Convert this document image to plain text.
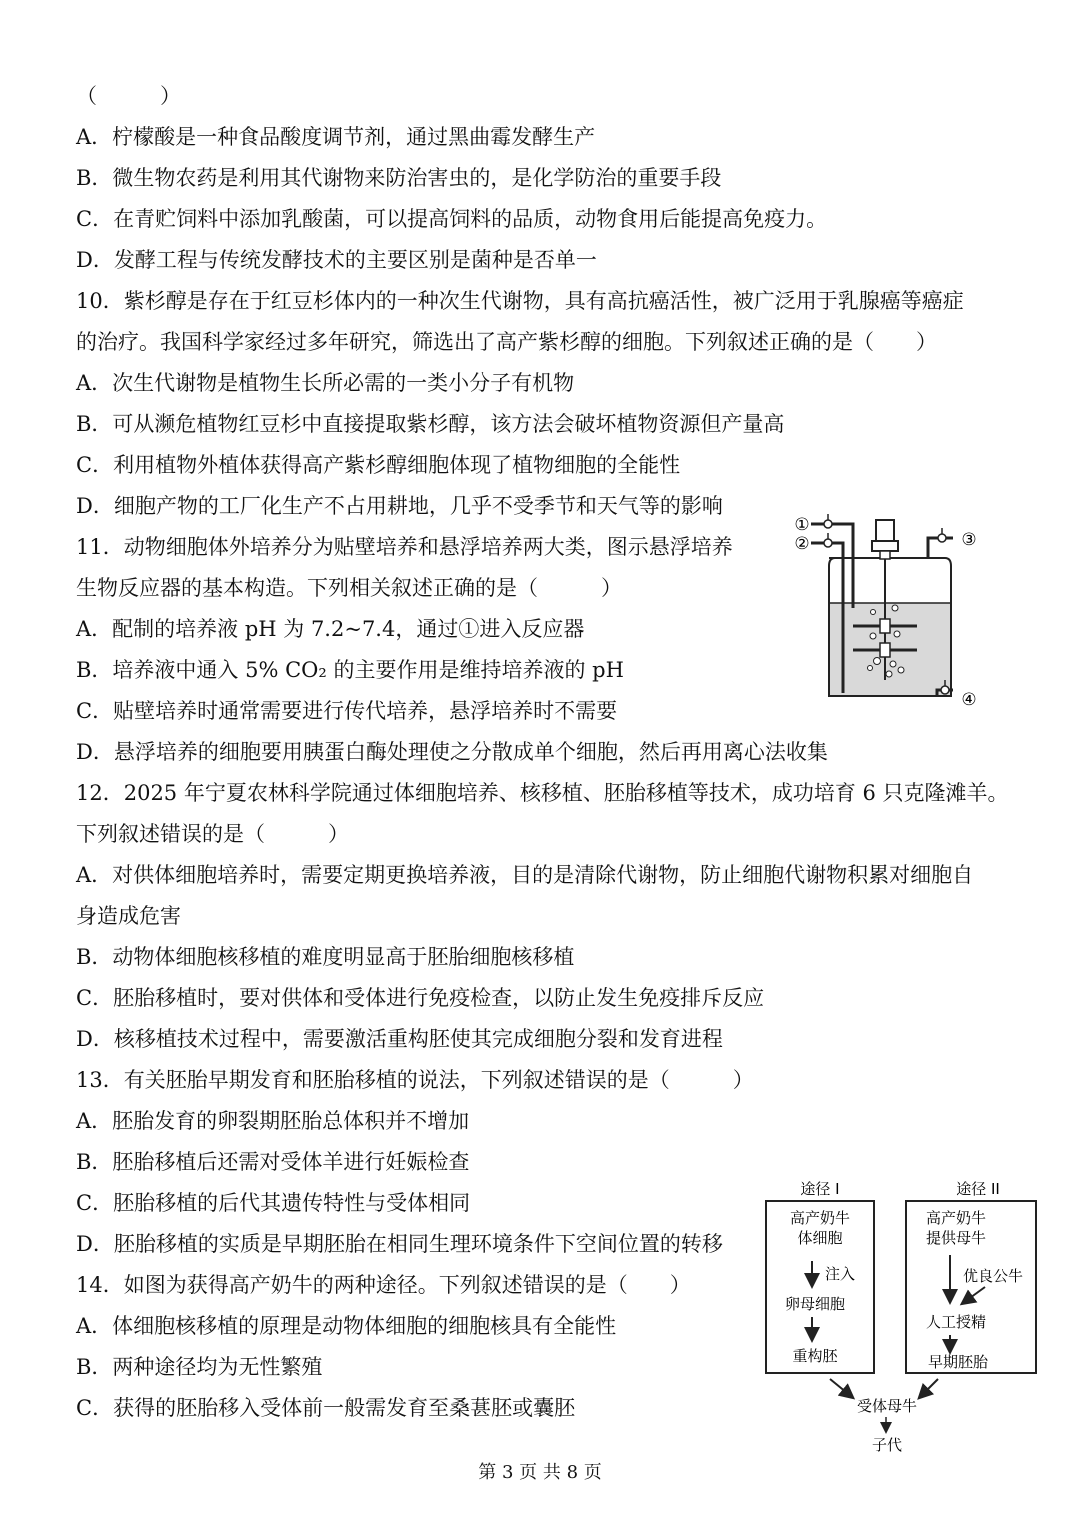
（　　　）
A．柠檬酸是一种食品酸度调节剂，通过黑曲霉发酵生产
B．微生物农药是利用其代谢物来防治害虫的，是化学防治的重要手段
C．在青贮饲料中添加乳酸菌，可以提高饲料的品质，动物食用后能提高免疫力。
D．发酵工程与传统发酵技术的主要区别是菌种是否单一
10．紫杉醇是存在于红豆杉体内的一种次生代谢物，具有高抗癌活性，被广泛用于乳腺癌等癌症
的治疗。我国科学家经过多年研究，筛选出了高产紫杉醇的细胞。下列叙述正确的是（　　）
A．次生代谢物是植物生长所必需的一类小分子有机物
B．可从濒危植物红豆杉中直接提取紫杉醇，该方法会破坏植物资源但产量高
C．利用植物外植体获得高产紫杉醇细胞体现了植物细胞的全能性
D．细胞产物的工厂化生产不占用耕地，几乎不受季节和天气等的影响
11．动物细胞体外培养分为贴壁培养和悬浮培养两大类，图示悬浮培养
生物反应器的基本构造。下列相关叙述正确的是（　　　）
A．配制的培养液 pH 为 7.2~7.4，通过①进入反应器
B．培养液中通入 5% CO₂ 的主要作用是维持培养液的 pH
C．贴壁培养时通常需要进行传代培养，悬浮培养时不需要
D．悬浮培养的细胞要用胰蛋白酶处理使之分散成单个细胞，然后再用离心法收集
①
②	③
④
12．2025 年宁夏农林科学院通过体细胞培养、核移植、胚胎移植等技术，成功培育 6 只克隆滩羊。
下列叙述错误的是（　　　）
A．对供体细胞培养时，需要定期更换培养液，目的是清除代谢物，防止细胞代谢物积累对细胞自
身造成危害
B．动物体细胞核移植的难度明显高于胚胎细胞核移植
C．胚胎移植时，要对供体和受体进行免疫检查，以防止发生免疫排斥反应
D．核移植技术过程中，需要激活重构胚使其完成细胞分裂和发育进程
13．有关胚胎早期发育和胚胎移植的说法，下列叙述错误的是（　　　）
A．胚胎发育的卵裂期胚胎总体积并不增加
B．胚胎移植后还需对受体羊进行妊娠检查
C．胚胎移植的后代其遗传特性与受体相同
D．胚胎移植的实质是早期胚胎在相同生理环境条件下空间位置的转移
14．如图为获得高产奶牛的两种途径。下列叙述错误的是（　　）
A．体细胞核移植的原理是动物体细胞的细胞核具有全能性
B．两种途径均为无性繁殖
C．获得的胚胎移入受体前一般需发育至桑葚胚或囊胚
途径 I	途径 II
高产奶牛
体细胞
注入
卵母细胞
重构胚
高产奶牛
提供母牛
优良公牛
人工授精
早期胚胎
受体母牛
子代
第 3 页 共 8 页
